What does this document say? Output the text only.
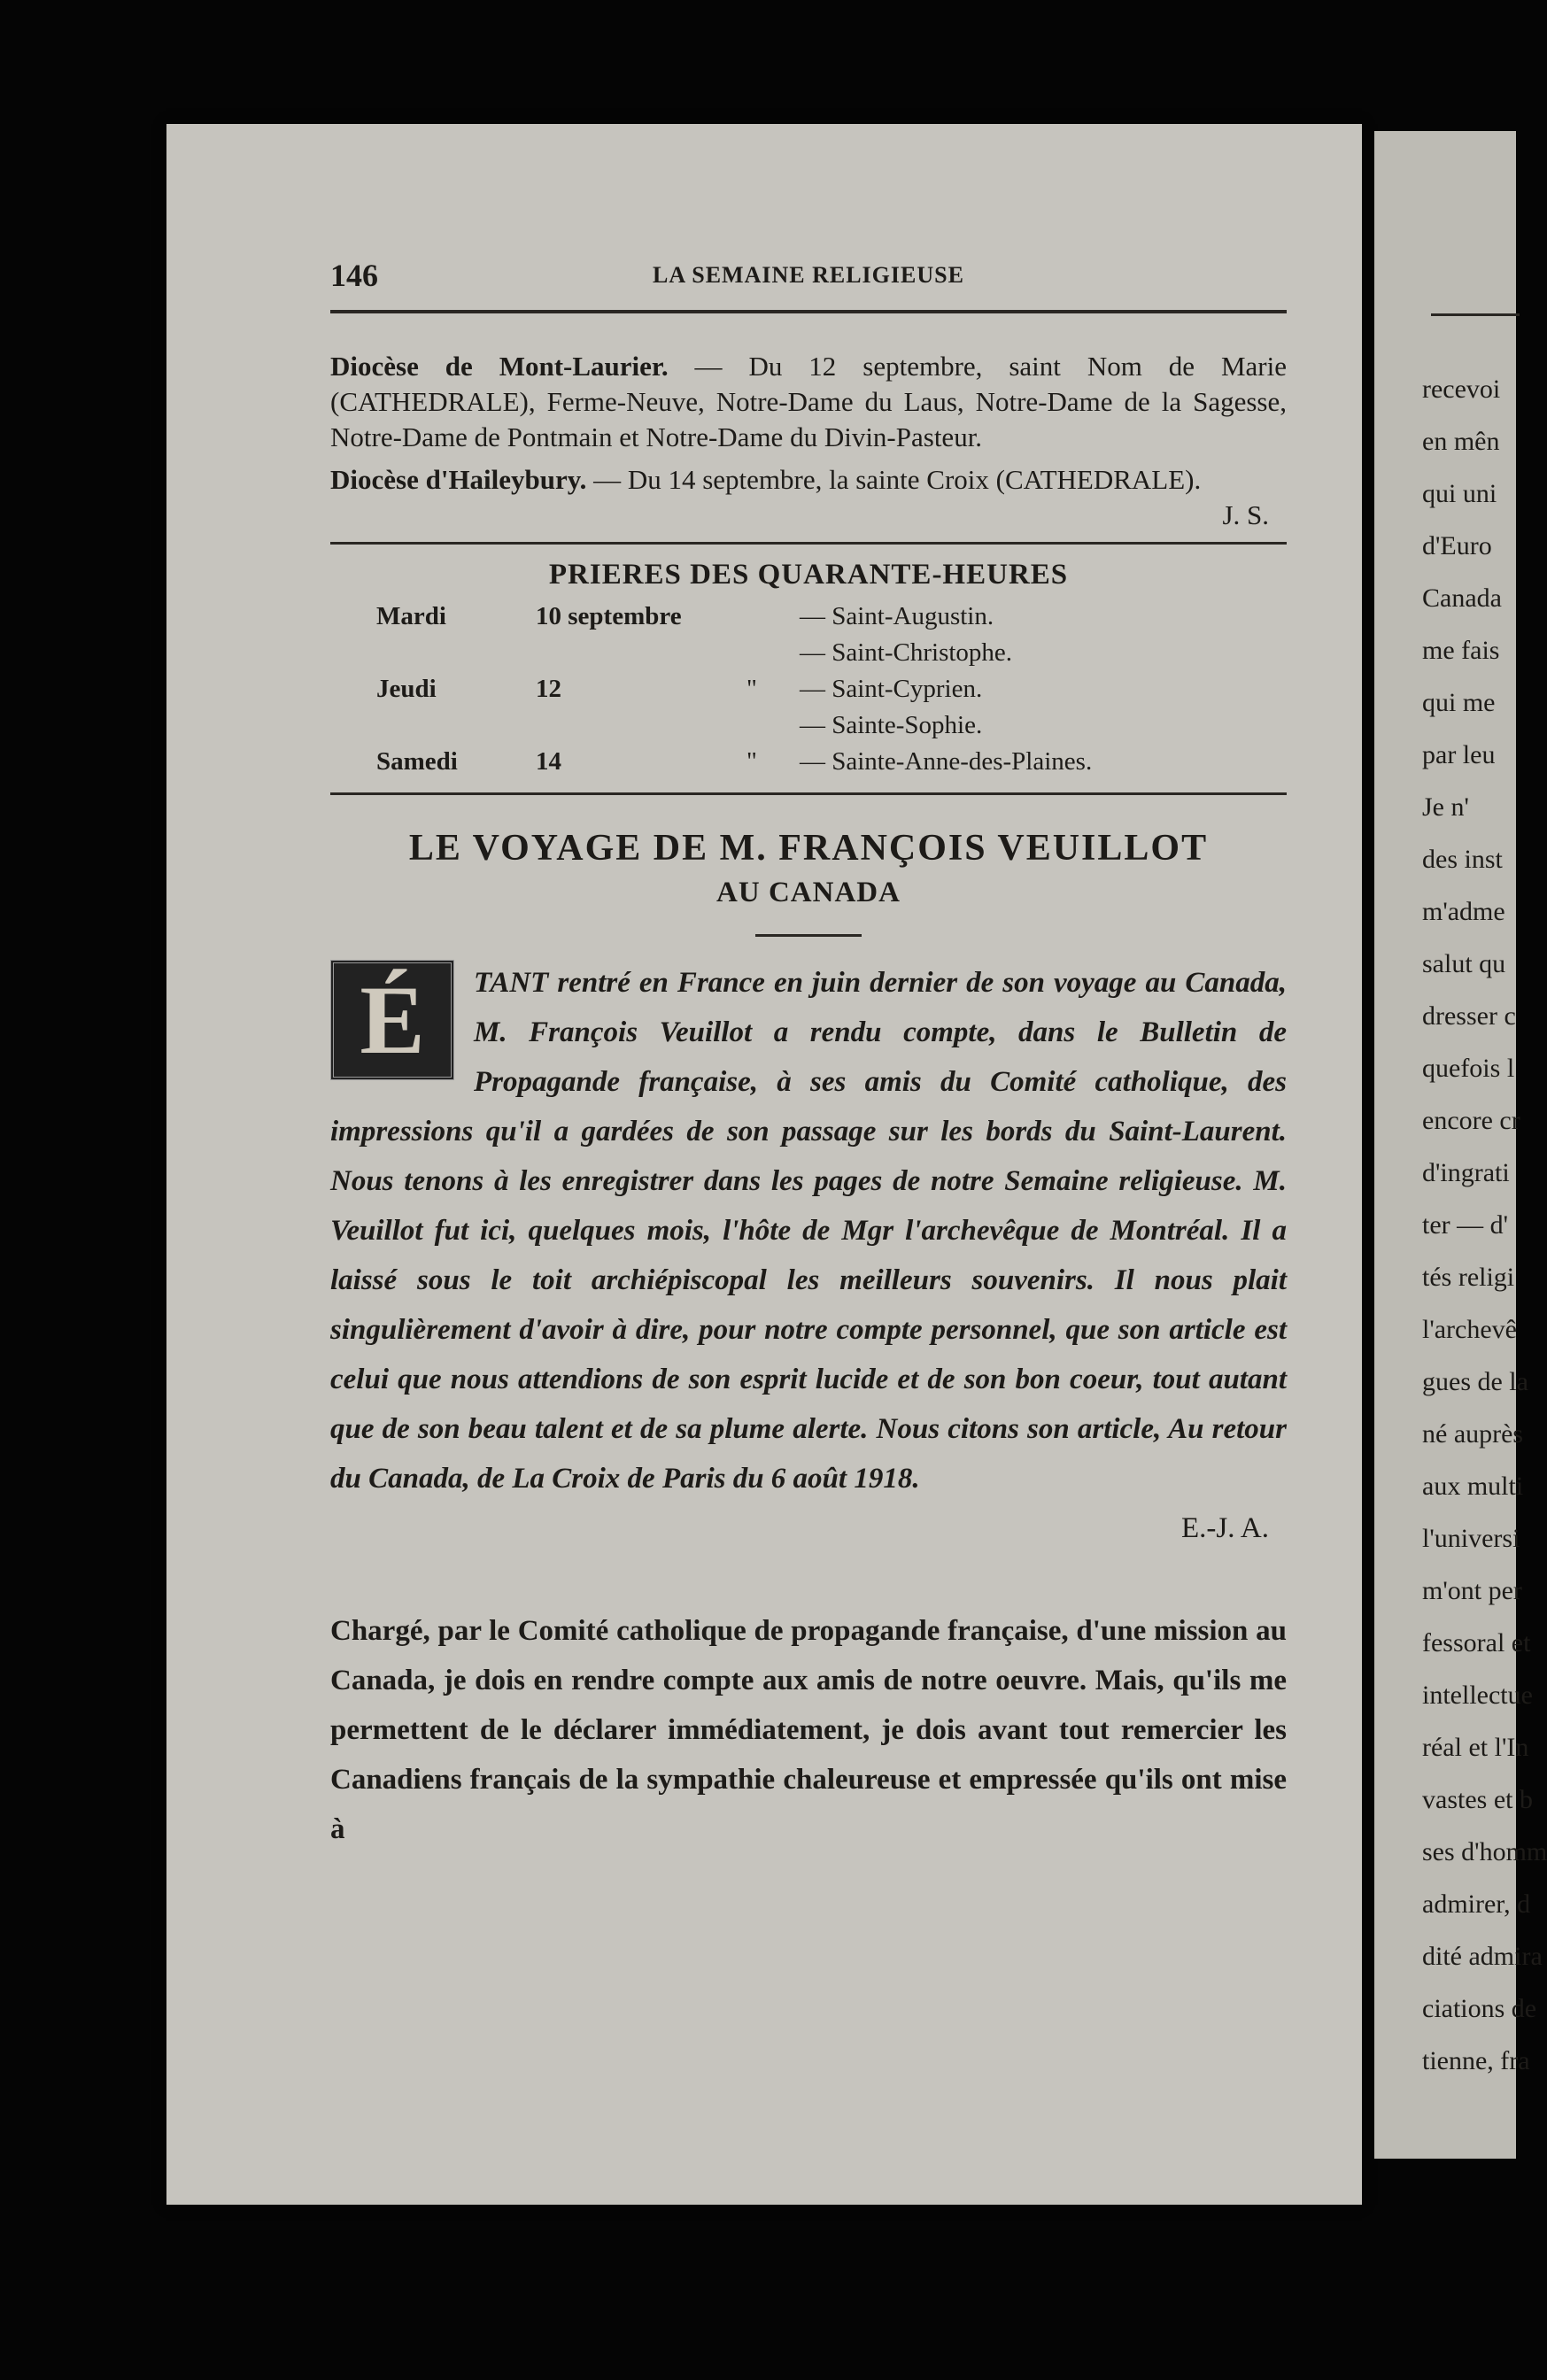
146	LA SEMAINE RELIGIEUSE

Diocèse de Mont-Laurier. — Du 12 septembre, saint Nom de Marie (CATHEDRALE), Ferme-Neuve, Notre-Dame du Laus, Notre-Dame de la Sagesse, Notre-Dame de Pontmain et Notre-Dame du Divin-Pasteur.

Diocèse d'Haileybury. — Du 14 septembre, la sainte Croix (CATHEDRALE).

J. S.
PRIERES DES QUARANTE-HEURES
Mardi	10 septembre	— Saint-Augustin.
— Saint-Christophe.
Jeudi	12	"	— Saint-Cyprien.
— Sainte-Sophie.
Samedi	14	"	— Sainte-Anne-des-Plaines.
LE VOYAGE DE M. FRANÇOIS VEUILLOT
AU CANADA
É	TANT rentré en France en juin dernier de son voyage au Canada, M. François Veuillot a rendu compte, dans le Bulletin de Propagande française, à ses amis du Comité catholique, des impressions qu'il a gardées de son passage sur les bords du Saint-Laurent. Nous tenons à les enregistrer dans les pages de notre Semaine religieuse. M. Veuillot fut ici, quelques mois, l'hôte de Mgr l'archevêque de Montréal. Il a laissé sous le toit archiépiscopal les meilleurs souvenirs. Il nous plait singulièrement d'avoir à dire, pour notre compte personnel, que son article est celui que nous attendions de son esprit lucide et de son bon coeur, tout autant que de son beau talent et de sa plume alerte. Nous citons son article, Au retour du Canada, de La Croix de Paris du 6 août 1918.

E.-J. A.

Chargé, par le Comité catholique de propagande française, d'une mission au Canada, je dois en rendre compte aux amis de notre oeuvre. Mais, qu'ils me permettent de le déclarer immédiatement, je dois avant tout remercier les Canadiens français de la sympathie chaleureuse et empressée qu'ils ont mise à

recevoi
en mên
qui uni
d'Euro
Canada
me fais
qui me
par leu
Je n'
des inst
m'adme
salut qu
dresser c
quefois l
encore cr
d'ingrati
ter — d'
tés religi
l'archevê
gues de la
né auprès
aux multi
l'universi
m'ont per
fessoral et
intellectue
réal et l'In
vastes et b
ses d'homm
admirer, d
dité admira
ciations de
tienne, fra
